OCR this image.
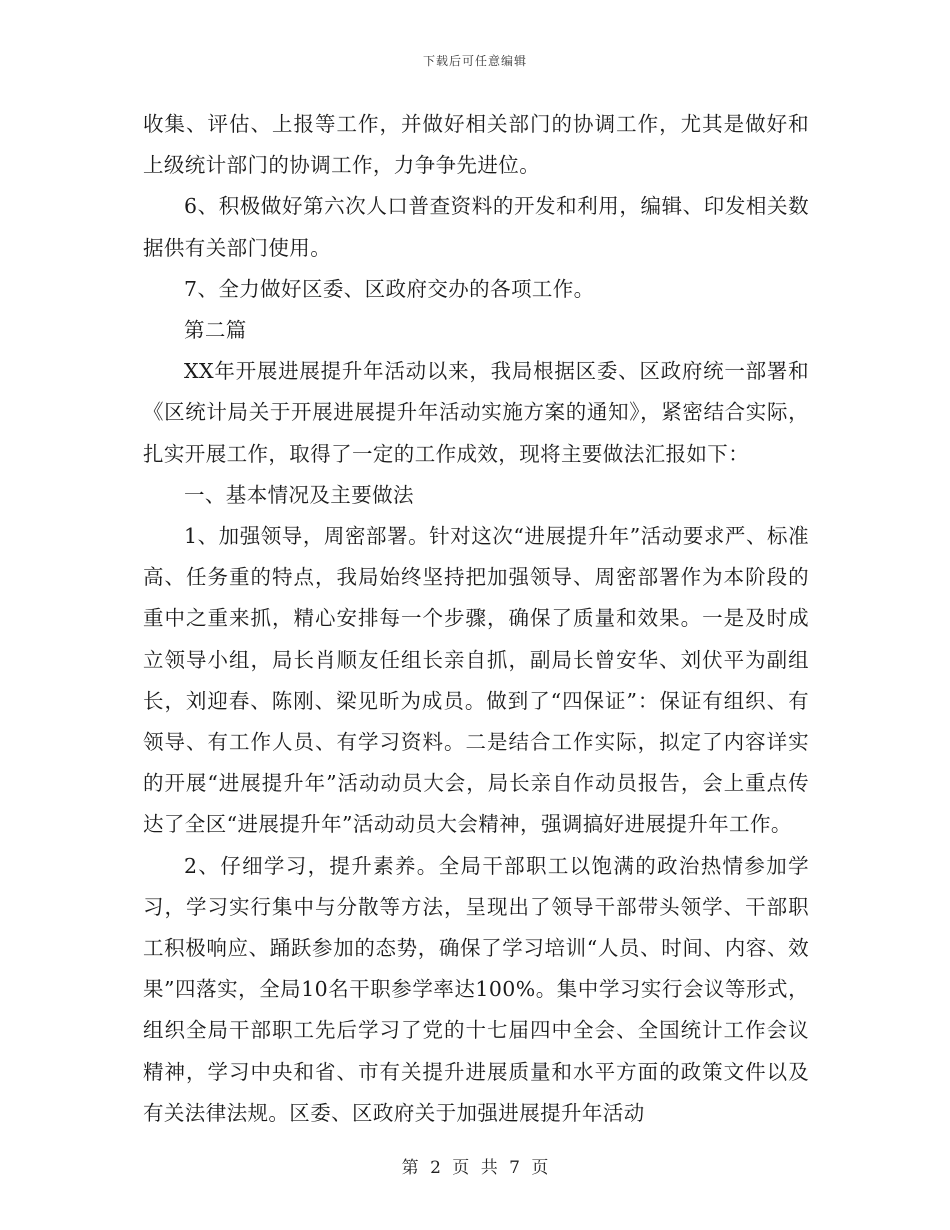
下载后可任意编辑

收集、评估、上报等工作，并做好相关部门的协调工作，尤其是做好和上级统计部门的协调工作，力争争先进位。

6、积极做好第六次人口普查资料的开发和利用，编辑、印发相关数据供有关部门使用。

7、全力做好区委、区政府交办的各项工作。

第二篇

XX年开展进展提升年活动以来，我局根据区委、区政府统一部署和《区统计局关于开展进展提升年活动实施方案的通知》，紧密结合实际，扎实开展工作，取得了一定的工作成效，现将主要做法汇报如下：

一、基本情况及主要做法

1、加强领导，周密部署。针对这次“进展提升年”活动要求严、标准高、任务重的特点，我局始终坚持把加强领导、周密部署作为本阶段的重中之重来抓，精心安排每一个步骤，确保了质量和效果。一是及时成立领导小组，局长肖顺友任组长亲自抓，副局长曾安华、刘伏平为副组长，刘迎春、陈刚、梁见昕为成员。做到了“四保证”：保证有组织、有领导、有工作人员、有学习资料。二是结合工作实际，拟定了内容详实的开展“进展提升年”活动动员大会，局长亲自作动员报告，会上重点传达了全区“进展提升年”活动动员大会精神，强调搞好进展提升年工作。

2、仔细学习，提升素养。全局干部职工以饱满的政治热情参加学习，学习实行集中与分散等方法，呈现出了领导干部带头领学、干部职工积极响应、踊跃参加的态势，确保了学习培训“人员、时间、内容、效果”四落实，全局10名干职参学率达100%。集中学习实行会议等形式，组织全局干部职工先后学习了党的十七届四中全会、全国统计工作会议精神，学习中央和省、市有关提升进展质量和水平方面的政策文件以及有关法律法规。区委、区政府关于加强进展提升年活动

第 2 页 共 7 页
